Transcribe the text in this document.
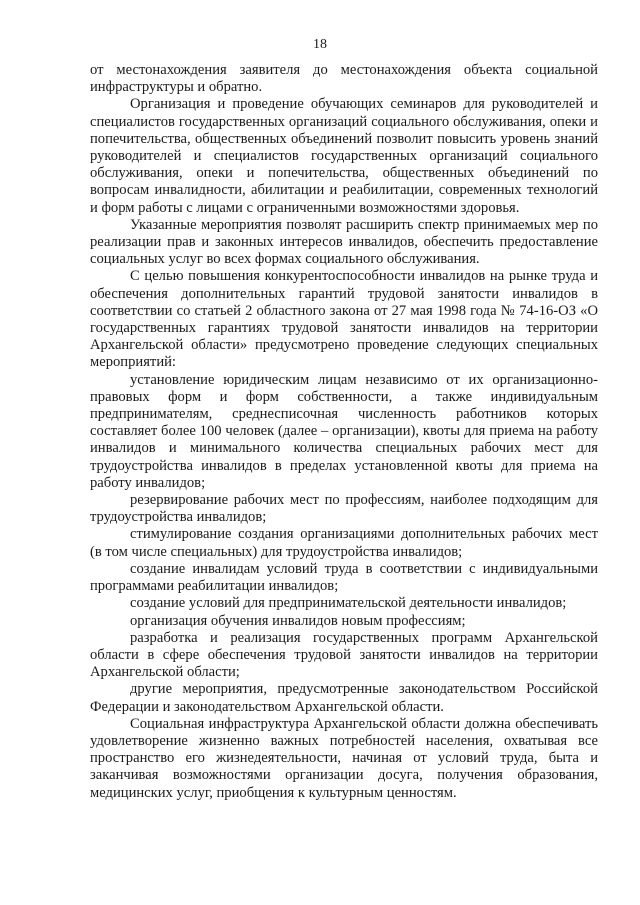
18

от местонахождения заявителя до местонахождения объекта социальной инфраструктуры и обратно.

Организация и проведение обучающих семинаров для руководителей и специалистов государственных организаций социального обслуживания, опеки и попечительства, общественных объединений позволит повысить уровень знаний руководителей и специалистов государственных организаций социального обслуживания, опеки и попечительства, общественных объединений по вопросам инвалидности, абилитации и реабилитации, современных технологий и форм работы с лицами с ограниченными возможностями здоровья.

Указанные мероприятия позволят расширить спектр принимаемых мер по реализации прав и законных интересов инвалидов, обеспечить предоставление социальных услуг во всех формах социального обслуживания.

С целью повышения конкурентоспособности инвалидов на рынке труда и обеспечения дополнительных гарантий трудовой занятости инвалидов в соответствии со статьей 2 областного закона от 27 мая 1998 года № 74-16-ОЗ «О государственных гарантиях трудовой занятости инвалидов на территории Архангельской области» предусмотрено проведение следующих специальных мероприятий:

установление юридическим лицам независимо от их организационно-правовых форм и форм собственности, а также индивидуальным предпринимателям, среднесписочная численность работников которых составляет более 100 человек (далее – организации), квоты для приема на работу инвалидов и минимального количества специальных рабочих мест для трудоустройства инвалидов в пределах установленной квоты для приема на работу инвалидов;

резервирование рабочих мест по профессиям, наиболее подходящим для трудоустройства инвалидов;

стимулирование создания организациями дополнительных рабочих мест (в том числе специальных) для трудоустройства инвалидов;

создание инвалидам условий труда в соответствии с индивидуальными программами реабилитации инвалидов;

создание условий для предпринимательской деятельности инвалидов;

организация обучения инвалидов новым профессиям;

разработка и реализация государственных программ Архангельской области в сфере обеспечения трудовой занятости инвалидов на территории Архангельской области;

другие мероприятия, предусмотренные законодательством Российской Федерации и законодательством Архангельской области.

Социальная инфраструктура Архангельской области должна обеспечивать удовлетворение жизненно важных потребностей населения, охватывая все пространство его жизнедеятельности, начиная от условий труда, быта и заканчивая возможностями организации досуга, получения образования, медицинских услуг, приобщения к культурным ценностям.
